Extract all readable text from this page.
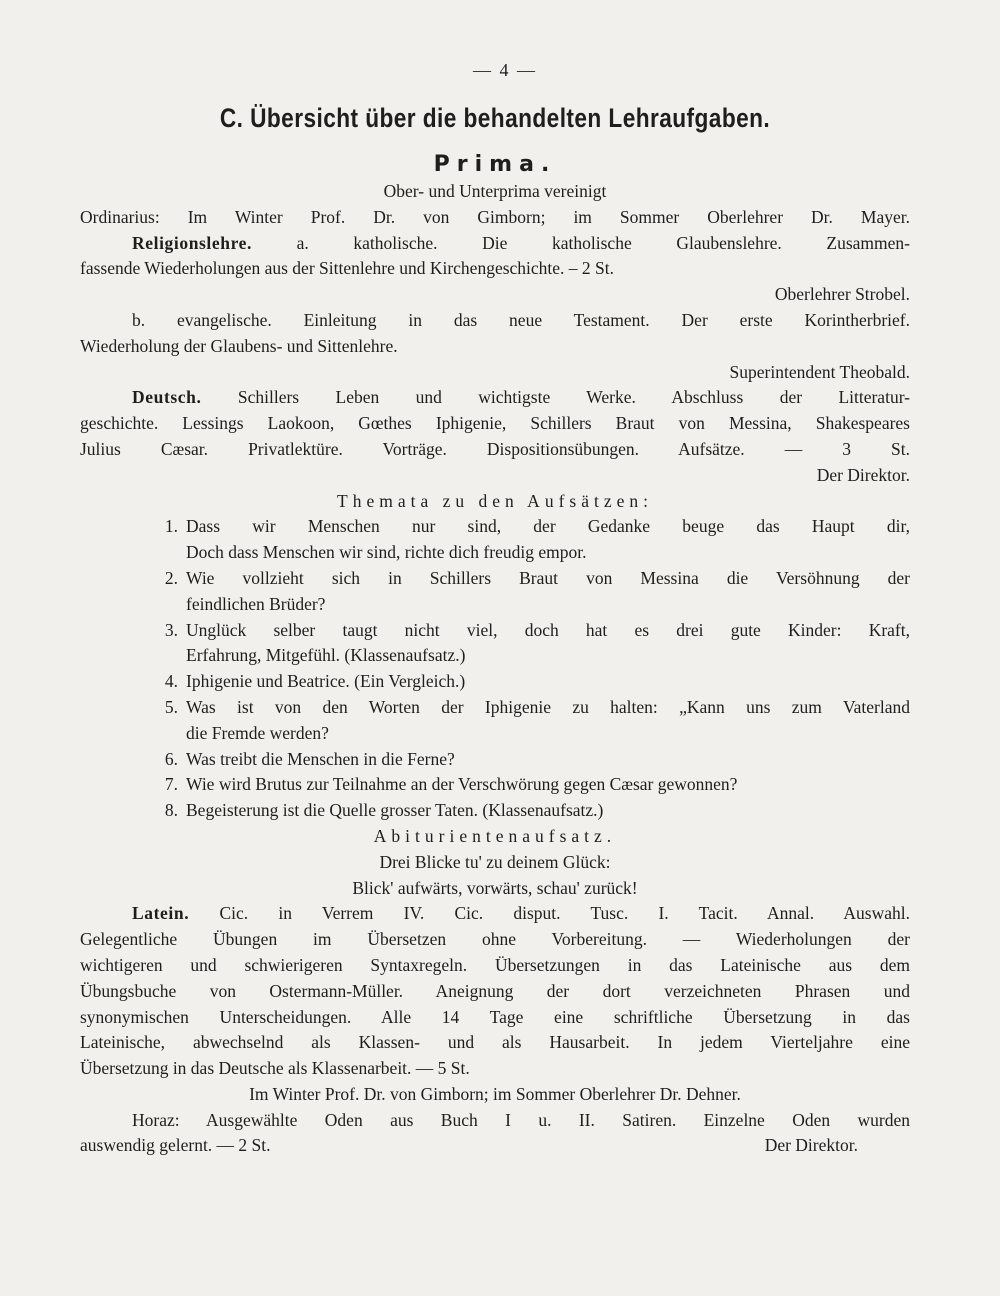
— 4 —
C. Übersicht über die behandelten Lehraufgaben.
Prima.
Ober- und Unterprima vereinigt
Ordinarius: Im Winter Prof. Dr. von Gimborn; im Sommer Oberlehrer Dr. Mayer.
Religionslehre.	a. katholische. Die katholische Glaubenslehre. Zusammen-
fassende Wiederholungen aus der Sittenlehre und Kirchengeschichte. – 2 St.
Oberlehrer Strobel.
b. evangelische. Einleitung in das neue Testament. Der erste Korintherbrief.
Wiederholung der Glaubens- und Sittenlehre.
Superintendent Theobald.
Deutsch. Schillers Leben und wichtigste Werke. Abschluss der Litteratur-
geschichte. Lessings Laokoon, Gœthes Iphigenie, Schillers Braut von Messina, Shakespeares
Julius Cæsar. Privatlektüre. Vorträge. Dispositionsübungen. Aufsätze. — 3 St.
Der Direktor.
Themata zu den Aufsätzen:
1. Dass wir Menschen nur sind, der Gedanke beuge das Haupt dir,
Doch dass Menschen wir sind, richte dich freudig empor.
2. Wie vollzieht sich in Schillers Braut von Messina die Versöhnung der
feindlichen Brüder?
3. Unglück selber taugt nicht viel, doch hat es drei gute Kinder: Kraft,
Erfahrung, Mitgefühl. (Klassenaufsatz.)
4. Iphigenie und Beatrice. (Ein Vergleich.)
5. Was ist von den Worten der Iphigenie zu halten: „Kann uns zum Vaterland
die Fremde werden?
6. Was treibt die Menschen in die Ferne?
7. Wie wird Brutus zur Teilnahme an der Verschwörung gegen Cæsar gewonnen?
8. Begeisterung ist die Quelle grosser Taten. (Klassenaufsatz.)
Abiturientenaufsatz.
Drei Blicke tu' zu deinem Glück:
Blick' aufwärts, vorwärts, schau' zurück!
Latein. Cic. in Verrem IV. Cic. disput. Tusc. I. Tacit. Annal. Auswahl.
Gelegentliche Übungen im Übersetzen ohne Vorbereitung. — Wiederholungen der
wichtigeren und schwierigeren Syntaxregeln. Übersetzungen in das Lateinische aus dem
Übungsbuche von Ostermann-Müller. Aneignung der dort verzeichneten Phrasen und
synonymischen Unterscheidungen. Alle 14 Tage eine schriftliche Übersetzung in das
Lateinische, abwechselnd als Klassen- und als Hausarbeit. In jedem Vierteljahre eine
Übersetzung in das Deutsche als Klassenarbeit. — 5 St.
Im Winter Prof. Dr. von Gimborn; im Sommer Oberlehrer Dr. Dehner.
Horaz: Ausgewählte Oden aus Buch I u. II. Satiren. Einzelne Oden wurden
auswendig gelernt. — 2 St.	Der Direktor.
